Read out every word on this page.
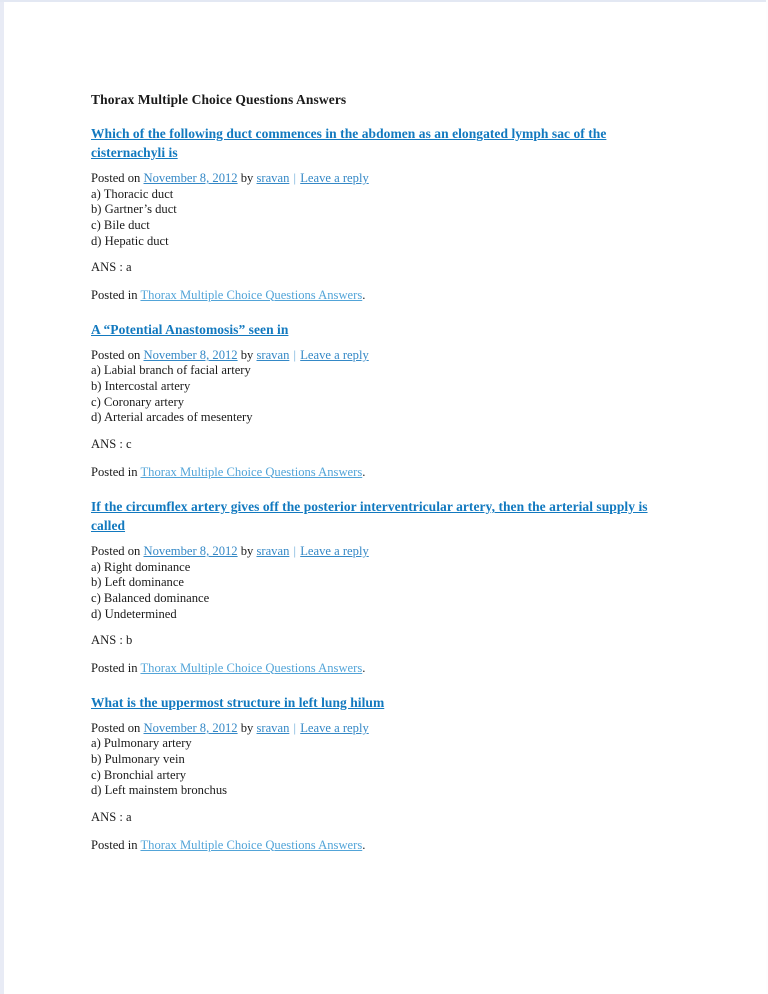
Thorax Multiple Choice Questions Answers
Which of the following duct commences in the abdomen as an elongated lymph sac of the cisternachyli is

Posted on November 8, 2012 by sravan | Leave a reply

a) Thoracic duct
b) Gartner’s duct
c) Bile duct
d) Hepatic duct

ANS : a

Posted in Thorax Multiple Choice Questions Answers.

A “Potential Anastomosis” seen in

Posted on November 8, 2012 by sravan | Leave a reply

a) Labial branch of facial artery
b) Intercostal artery
c) Coronary artery
d) Arterial arcades of mesentery

ANS : c

Posted in Thorax Multiple Choice Questions Answers.

If the circumflex artery gives off the posterior interventricular artery, then the arterial supply is called

Posted on November 8, 2012 by sravan | Leave a reply

a) Right dominance
b) Left dominance
c) Balanced dominance
d) Undetermined

ANS : b

Posted in Thorax Multiple Choice Questions Answers.

What is the uppermost structure in left lung hilum

Posted on November 8, 2012 by sravan | Leave a reply

a) Pulmonary artery
b) Pulmonary vein
c) Bronchial artery
d) Left mainstem bronchus

ANS : a

Posted in Thorax Multiple Choice Questions Answers.
